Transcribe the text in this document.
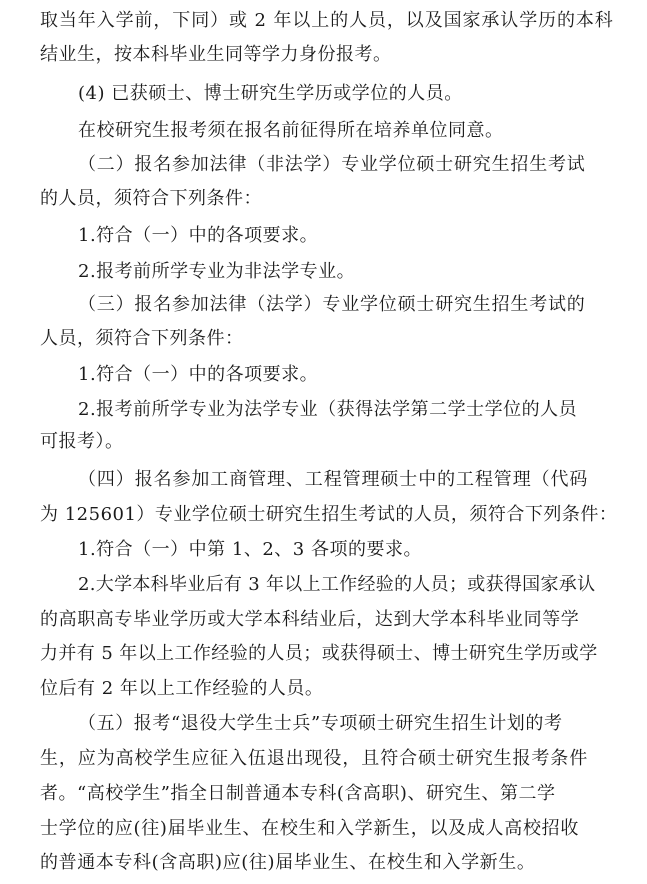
取当年入学前，下同）或 2 年以上的人员，以及国家承认学历的本科
结业生，按本科毕业生同等学力身份报考。
(4) 已获硕士、博士研究生学历或学位的人员。
在校研究生报考须在报名前征得所在培养单位同意。
（二）报名参加法律（非法学）专业学位硕士研究生招生考试
的人员，须符合下列条件：
1.符合（一）中的各项要求。
2.报考前所学专业为非法学专业。
（三）报名参加法律（法学）专业学位硕士研究生招生考试的
人员，须符合下列条件：
1.符合（一）中的各项要求。
2.报考前所学专业为法学专业（获得法学第二学士学位的人员
可报考）。
（四）报名参加工商管理、工程管理硕士中的工程管理（代码
为 125601）专业学位硕士研究生招生考试的人员，须符合下列条件：
1.符合（一）中第 1、2、3 各项的要求。
2.大学本科毕业后有 3 年以上工作经验的人员；或获得国家承认
的高职高专毕业学历或大学本科结业后，达到大学本科毕业同等学
力并有 5 年以上工作经验的人员；或获得硕士、博士研究生学历或学
位后有 2 年以上工作经验的人员。
（五）报考“退役大学生士兵”专项硕士研究生招生计划的考
生，应为高校学生应征入伍退出现役，且符合硕士研究生报考条件
者。“高校学生”指全日制普通本专科(含高职)、研究生、第二学
士学位的应(往)届毕业生、在校生和入学新生，以及成人高校招收
的普通本专科(含高职)应(往)届毕业生、在校生和入学新生。
